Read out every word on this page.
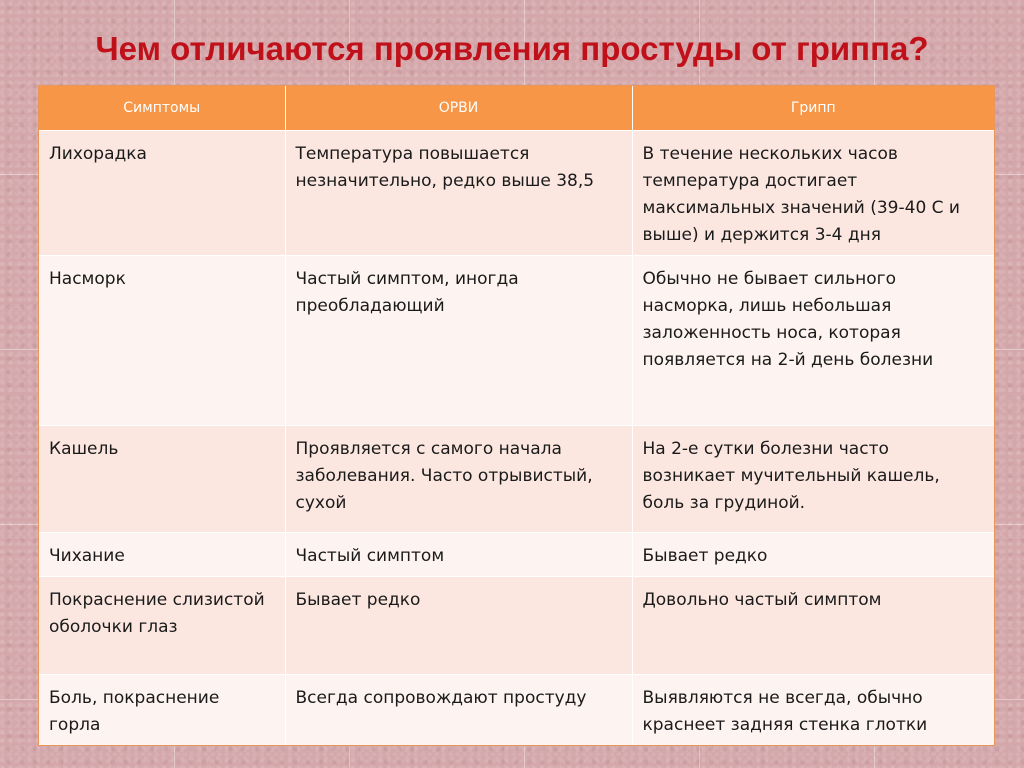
Чем отличаются проявления простуды от гриппа?
Симптомы	ОРВИ	Грипп
Лихорадка	Температура повышается незначительно, редко выше 38,5	В течение нескольких часов температура достигает максимальных значений (39-40 С и выше) и держится 3-4 дня
Насморк	Частый симптом, иногда преобладающий	Обычно не бывает сильного насморка, лишь небольшая заложенность носа, которая появляется на 2-й день болезни
Кашель	Проявляется с самого начала заболевания. Часто отрывистый, сухой	На 2-е сутки болезни часто возникает мучительный кашель, боль за грудиной.
Чихание	Частый симптом	Бывает редко
Покраснение слизистой оболочки глаз	Бывает редко	Довольно частый симптом
Боль, покраснение горла	Всегда сопровождают простуду	Выявляются не всегда, обычно краснеет задняя стенка глотки
